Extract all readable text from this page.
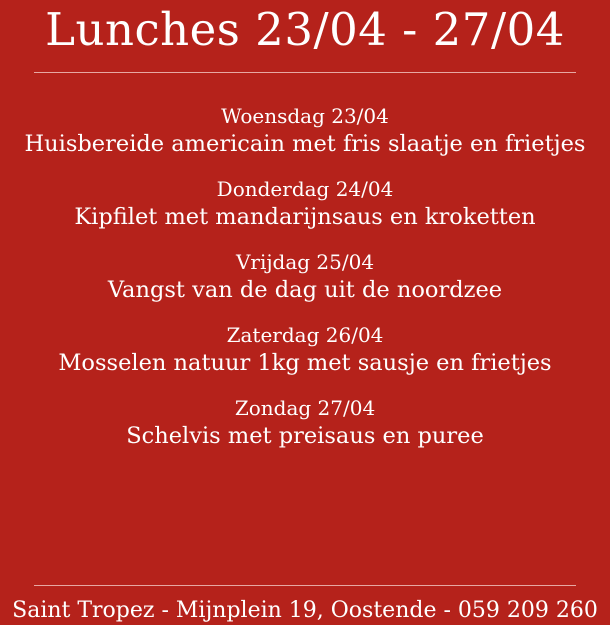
Lunches 23/04 - 27/04
Woensdag 23/04
Huisbereide americain met fris slaatje en frietjes
Donderdag 24/04
Kipfilet met mandarijnsaus en kroketten
Vrijdag 25/04
Vangst van de dag uit de noordzee
Zaterdag 26/04
Mosselen natuur 1kg met sausje en frietjes
Zondag 27/04
Schelvis met preisaus en puree
Saint Tropez - Mijnplein 19, Oostende - 059 209 260
